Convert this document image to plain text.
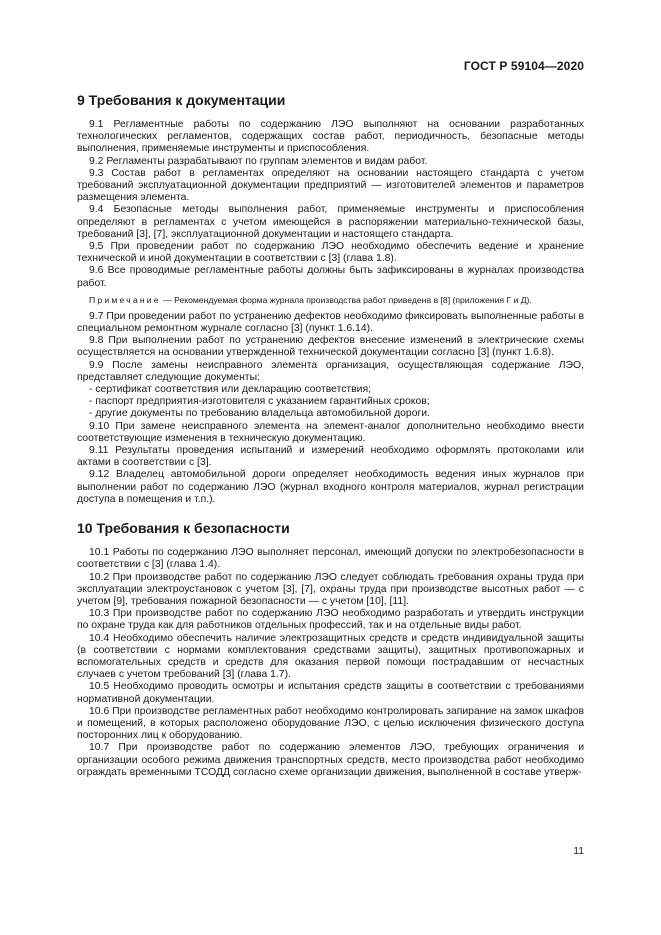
ГОСТ Р 59104—2020
9 Требования к документации

9.1 Регламентные работы по содержанию ЛЭО выполняют на основании разработанных технологических регламентов, содержащих состав работ, периодичность, безопасные методы выполнения, применяемые инструменты и приспособления.

9.2 Регламенты разрабатывают по группам элементов и видам работ.

9.3 Состав работ в регламентах определяют на основании настоящего стандарта с учетом требований эксплуатационной документации предприятий — изготовителей элементов и параметров размещения элемента.

9.4 Безопасные методы выполнения работ, применяемые инструменты и приспособления определяют в регламентах с учетом имеющейся в распоряжении материально-технической базы, требований [3], [7], эксплуатационной документации и настоящего стандарта.

9.5 При проведении работ по содержанию ЛЭО необходимо обеспечить ведение и хранение технической и иной документации в соответствии с [3] (глава 1.8).

9.6 Все проводимые регламентные работы должны быть зафиксированы в журналах производства работ.

Примечание — Рекомендуемая форма журнала производства работ приведена в [8] (приложения Г и Д).

9.7 При проведении работ по устранению дефектов необходимо фиксировать выполненные работы в специальном ремонтном журнале согласно [3] (пункт 1.6.14).

9.8 При выполнении работ по устранению дефектов внесение изменений в электрические схемы осуществляется на основании утвержденной технической документации согласно [3] (пункт 1.6.8).

9.9 После замены неисправного элемента организация, осуществляющая содержание ЛЭО, представляет следующие документы:

- сертификат соответствия или декларацию соответствия;
- паспорт предприятия-изготовителя с указанием гарантийных сроков;
- другие документы по требованию владельца автомобильной дороги.

9.10 При замене неисправного элемента на элемент-аналог дополнительно необходимо внести соответствующие изменения в техническую документацию.

9.11 Результаты проведения испытаний и измерений необходимо оформлять протоколами или актами в соответствии с [3].

9.12 Владелец автомобильной дороги определяет необходимость ведения иных журналов при выполнении работ по содержанию ЛЭО (журнал входного контроля материалов, журнал регистрации доступа в помещения и т.п.).

10 Требования к безопасности

10.1 Работы по содержанию ЛЭО выполняет персонал, имеющий допуски по электробезопасности в соответствии с [3] (глава 1.4).

10.2 При производстве работ по содержанию ЛЭО следует соблюдать требования охраны труда при эксплуатации электроустановок с учетом [3], [7], охраны труда при производстве высотных работ — с учетом [9], требования пожарной безопасности — с учетом [10], [11].

10.3 При производстве работ по содержанию ЛЭО необходимо разработать и утвердить инструкции по охране труда как для работников отдельных профессий, так и на отдельные виды работ.

10.4 Необходимо обеспечить наличие электрозащитных средств и средств индивидуальной защиты (в соответствии с нормами комплектования средствами защиты), защитных противопожарных и вспомогательных средств и средств для оказания первой помощи пострадавшим от несчастных случаев с учетом требований [3] (глава 1.7).

10.5 Необходимо проводить осмотры и испытания средств защиты в соответствии с требованиями нормативной документации.

10.6 При производстве регламентных работ необходимо контролировать запирание на замок шкафов и помещений, в которых расположено оборудование ЛЭО, с целью исключения физического доступа посторонних лиц к оборудованию.

10.7 При производстве работ по содержанию элементов ЛЭО, требующих ограничения и организации особого режима движения транспортных средств, место производства работ необходимо ограждать временными ТСОДД согласно схеме организации движения, выполненной в составе утверж-

11
